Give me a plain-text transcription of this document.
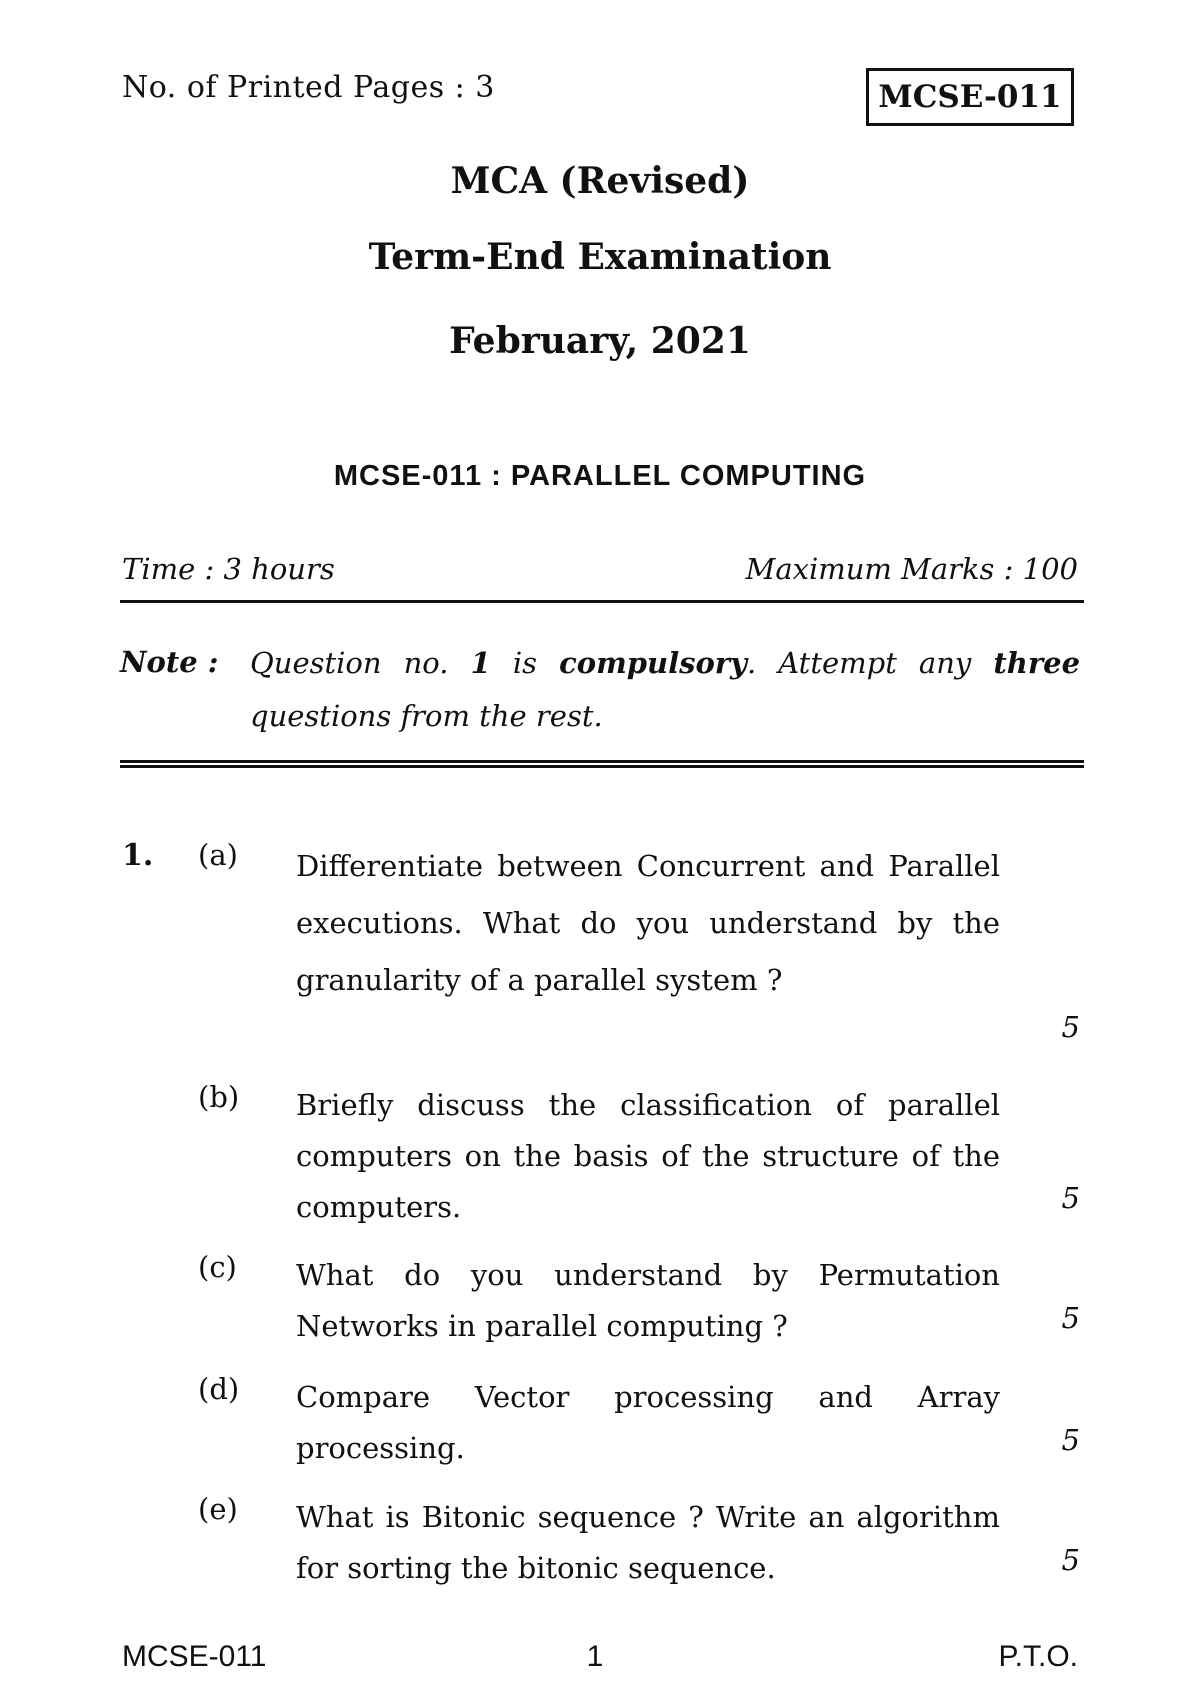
No. of Printed Pages : 3	MCSE-011
MCA (Revised)
Term-End Examination
February, 2021
MCSE-011 : PARALLEL COMPUTING
Time : 3 hours	Maximum Marks : 100
Note : Question no. 1 is compulsory. Attempt any three questions from the rest.
1. (a) Differentiate between Concurrent and Parallel executions. What do you understand by the granularity of a parallel system ?
5
(b) Briefly discuss the classification of parallel computers on the basis of the structure of the computers.	5
(c) What do you understand by Permutation Networks in parallel computing ?	5
(d) Compare Vector processing and Array processing.	5
(e) What is Bitonic sequence ? Write an algorithm for sorting the bitonic sequence.	5
MCSE-011	1	P.T.O.
